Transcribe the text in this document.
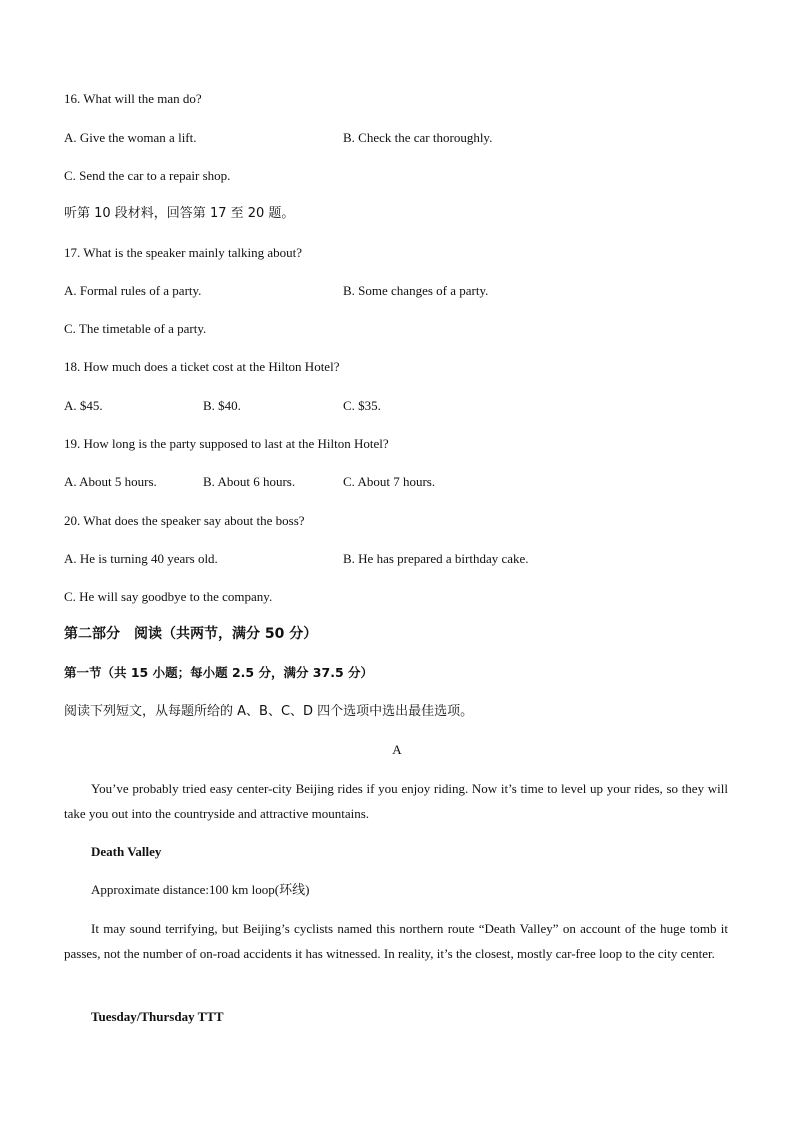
16. What will the man do?
A. Give the woman a lift.	B. Check the car thoroughly.
C. Send the car to a repair shop.
听第 10 段材料，回答第 17 至 20 题。
17. What is the speaker mainly talking about?
A. Formal rules of a party.	B. Some changes of a party.
C. The timetable of a party.
18. How much does a ticket cost at the Hilton Hotel?
A. $45.	B. $40.	C. $35.
19. How long is the party supposed to last at the Hilton Hotel?
A. About 5 hours.	B. About 6 hours.	C. About 7 hours.
20. What does the speaker say about the boss?
A. He is turning 40 years old.	B. He has prepared a birthday cake.
C. He will say goodbye to the company.
第二部分　阅读（共两节，满分 50 分）
第一节（共 15 小题；每小题 2.5 分，满分 37.5 分）
阅读下列短文，从每题所给的 A、B、C、D 四个选项中选出最佳选项。
A
You’ve probably tried easy center-city Beijing rides if you enjoy riding. Now it’s time to level up your rides, so they will take you out into the countryside and attractive mountains.
Death Valley
Approximate distance:100 km loop(环线)
It may sound terrifying, but Beijing’s cyclists named this northern route “Death Valley” on account of the huge tomb it passes, not the number of on-road accidents it has witnessed. In reality, it’s the closest, mostly car-free loop to the city center.
Tuesday/Thursday TTT
